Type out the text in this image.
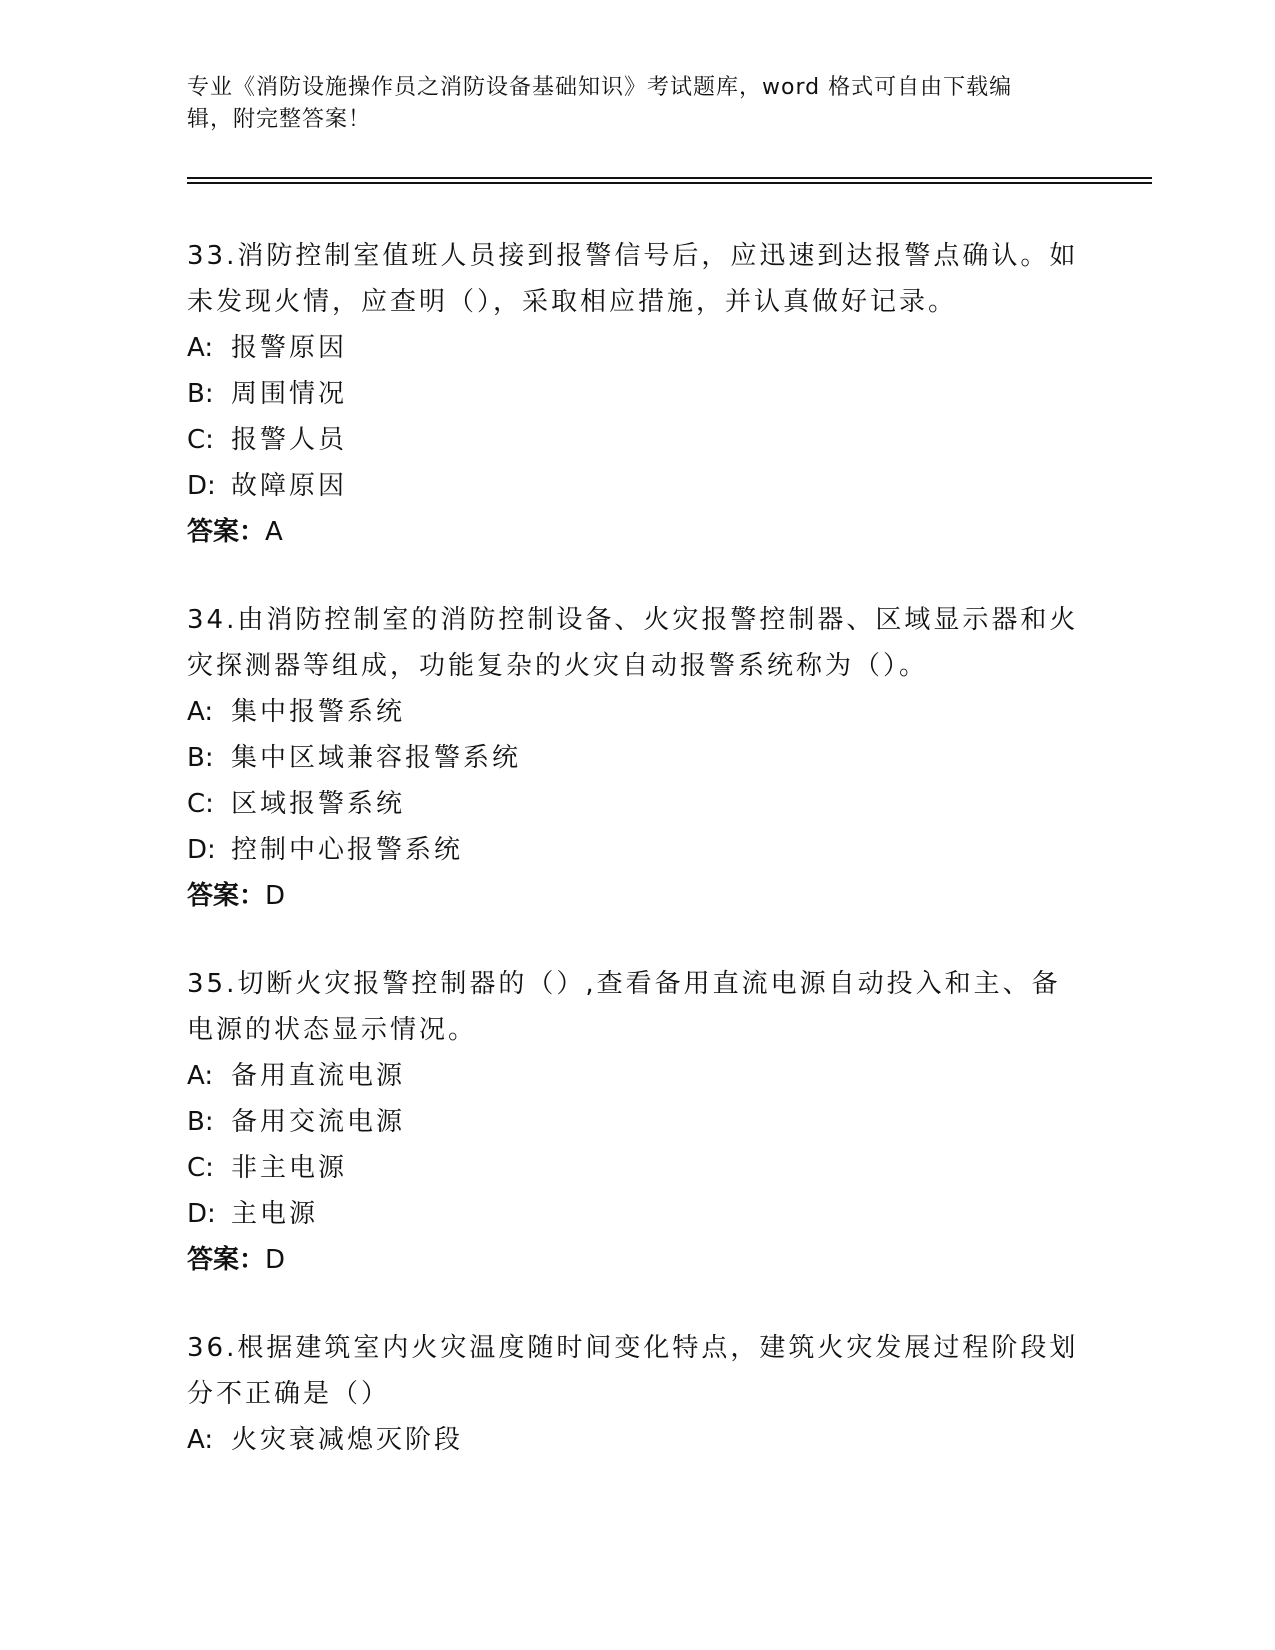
专业《消防设施操作员之消防设备基础知识》考试题库，word 格式可自由下载编
辑，附完整答案！

33.消防控制室值班人员接到报警信号后，应迅速到达报警点确认。如

未发现火情，应查明（），采取相应措施，并认真做好记录。

A: 报警原因

B: 周围情况

C: 报警人员

D: 故障原因

答案：A

34.由消防控制室的消防控制设备、火灾报警控制器、区域显示器和火

灾探测器等组成，功能复杂的火灾自动报警系统称为（）。

A: 集中报警系统

B: 集中区域兼容报警系统

C: 区域报警系统

D: 控制中心报警系统

答案：D

35.切断火灾报警控制器的（）,查看备用直流电源自动投入和主、备

电源的状态显示情况。

A: 备用直流电源

B: 备用交流电源

C: 非主电源

D: 主电源

答案：D

36.根据建筑室内火灾温度随时间变化特点，建筑火灾发展过程阶段划

分不正确是（）

A: 火灾衰减熄灭阶段
